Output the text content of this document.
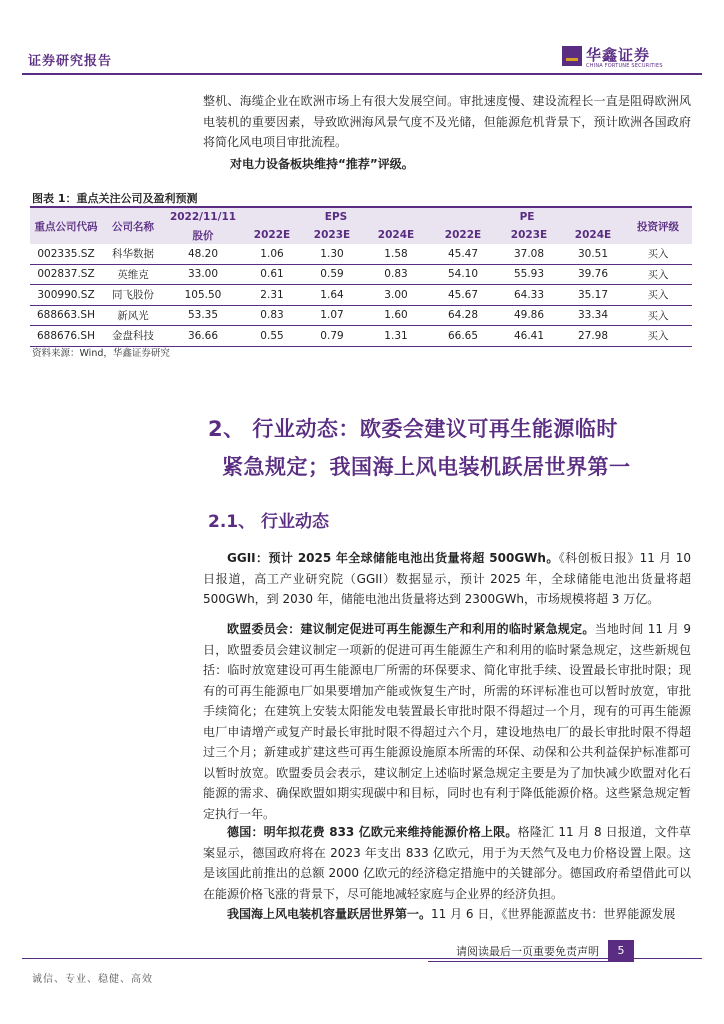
证券研究报告	华鑫证券
CHINA FORTUNE SECURITIES
整机、海缆企业在欧洲市场上有很大发展空间。审批速度慢、建设流程长一直是阻碍欧洲风电装机的重要因素，导致欧洲海风景气度不及光储，但能源危机背景下，预计欧洲各国政府将简化风电项目审批流程。
对电力设备板块维持“推荐”评级。
图表 1：重点关注公司及盈利预测
重点公司代码	公司名称	2022/11/11	EPS			PE			投资评级
		股价	2022E	2023E	2024E	2022E	2023E	2024E	
002335.SZ	科华数据	48.20	1.06	1.30	1.58	45.47	37.08	30.51	买入
002837.SZ	英维克	33.00	0.61	0.59	0.83	54.10	55.93	39.76	买入
300990.SZ	同飞股份	105.50	2.31	1.64	3.00	45.67	64.33	35.17	买入
688663.SH	新风光	53.35	0.83	1.07	1.60	64.28	49.86	33.34	买入
688676.SH	金盘科技	36.66	0.55	0.79	1.31	66.65	46.41	27.98	买入
资料来源：Wind，华鑫证券研究
2、 行业动态：欧委会建议可再生能源临时
紧急规定；我国海上风电装机跃居世界第一
2.1、 行业动态
GGII：预计 2025 年全球储能电池出货量将超 500GWh。《科创板日报》11 月 10 日报道，高工产业研究院（GGII）数据显示，预计 2025 年，全球储能电池出货量将超 500GWh，到 2030 年，储能电池出货量将达到 2300GWh，市场规模将超 3 万亿。
欧盟委员会：建议制定促进可再生能源生产和利用的临时紧急规定。当地时间 11 月 9 日，欧盟委员会建议制定一项新的促进可再生能源生产和利用的临时紧急规定，这些新规包括：临时放宽建设可再生能源电厂所需的环保要求、简化审批手续、设置最长审批时限；现有的可再生能源电厂如果要增加产能或恢复生产时，所需的环评标准也可以暂时放宽，审批手续简化；在建筑上安装太阳能发电装置最长审批时限不得超过一个月，现有的可再生能源电厂申请增产或复产时最长审批时限不得超过六个月，建设地热电厂的最长审批时限不得超过三个月；新建或扩建这些可再生能源设施原本所需的环保、动保和公共利益保护标准都可以暂时放宽。欧盟委员会表示，建议制定上述临时紧急规定主要是为了加快减少欧盟对化石能源的需求、确保欧盟如期实现碳中和目标，同时也有利于降低能源价格。这些紧急规定暂定执行一年。
德国：明年拟花费 833 亿欧元来维持能源价格上限。格隆汇 11 月 8 日报道，文件草案显示，德国政府将在 2023 年支出 833 亿欧元，用于为天然气及电力价格设置上限。这是该国此前推出的总额 2000 亿欧元的经济稳定措施中的关键部分。德国政府希望借此可以在能源价格飞涨的背景下，尽可能地减轻家庭与企业界的经济负担。
我国海上风电装机容量跃居世界第一。11 月 6 日，《世界能源蓝皮书：世界能源发展
请阅读最后一页重要免责声明	5
诚信、专业、稳健、高效
